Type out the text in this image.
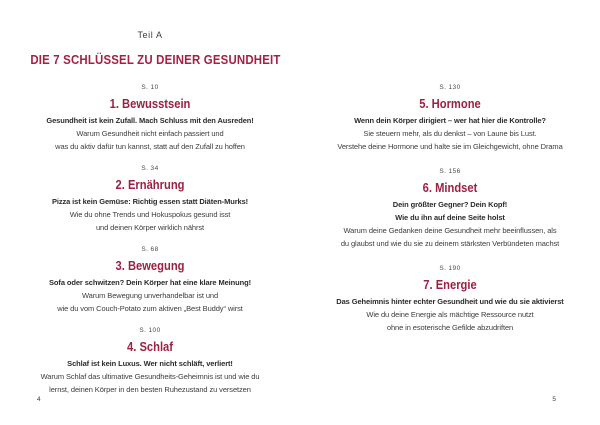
Teil A
DIE 7 SCHLÜSSEL ZU DEINER GESUNDHEIT
S. 10
1. Bewusstsein

Gesundheit ist kein Zufall. Mach Schluss mit den Ausreden!

Warum Gesundheit nicht einfach passiert und

was du aktiv dafür tun kannst, statt auf den Zufall zu hoffen

S. 34
2. Ernährung

Pizza ist kein Gemüse: Richtig essen statt Diäten-Murks!

Wie du ohne Trends und Hokuspokus gesund isst

und deinen Körper wirklich nährst

S. 68
3. Bewegung

Sofa oder schwitzen? Dein Körper hat eine klare Meinung!

Warum Bewegung unverhandelbar ist und

wie du vom Couch-Potato zum aktiven „Best Buddy“ wirst

S. 100
4. Schlaf

Schlaf ist kein Luxus. Wer nicht schläft, verliert!

Warum Schlaf das ultimative Gesundheits-Geheimnis ist und wie du

lernst, deinen Körper in den besten Ruhezustand zu versetzen

S. 130
5. Hormone

Wenn dein Körper dirigiert – wer hat hier die Kontrolle?

Sie steuern mehr, als du denkst – von Laune bis Lust.

Verstehe deine Hormone und halte sie im Gleichgewicht, ohne Drama

S. 156
6. Mindset

Dein größter Gegner? Dein Kopf!

Wie du ihn auf deine Seite holst

Warum deine Gedanken deine Gesundheit mehr beeinflussen, als

du glaubst und wie du sie zu deinem stärksten Verbündeten machst

S. 190
7. Energie

Das Geheimnis hinter echter Gesundheit und wie du sie aktivierst

Wie du deine Energie als mächtige Ressource nutzt

ohne in esoterische Gefilde abzudriften

4	5
